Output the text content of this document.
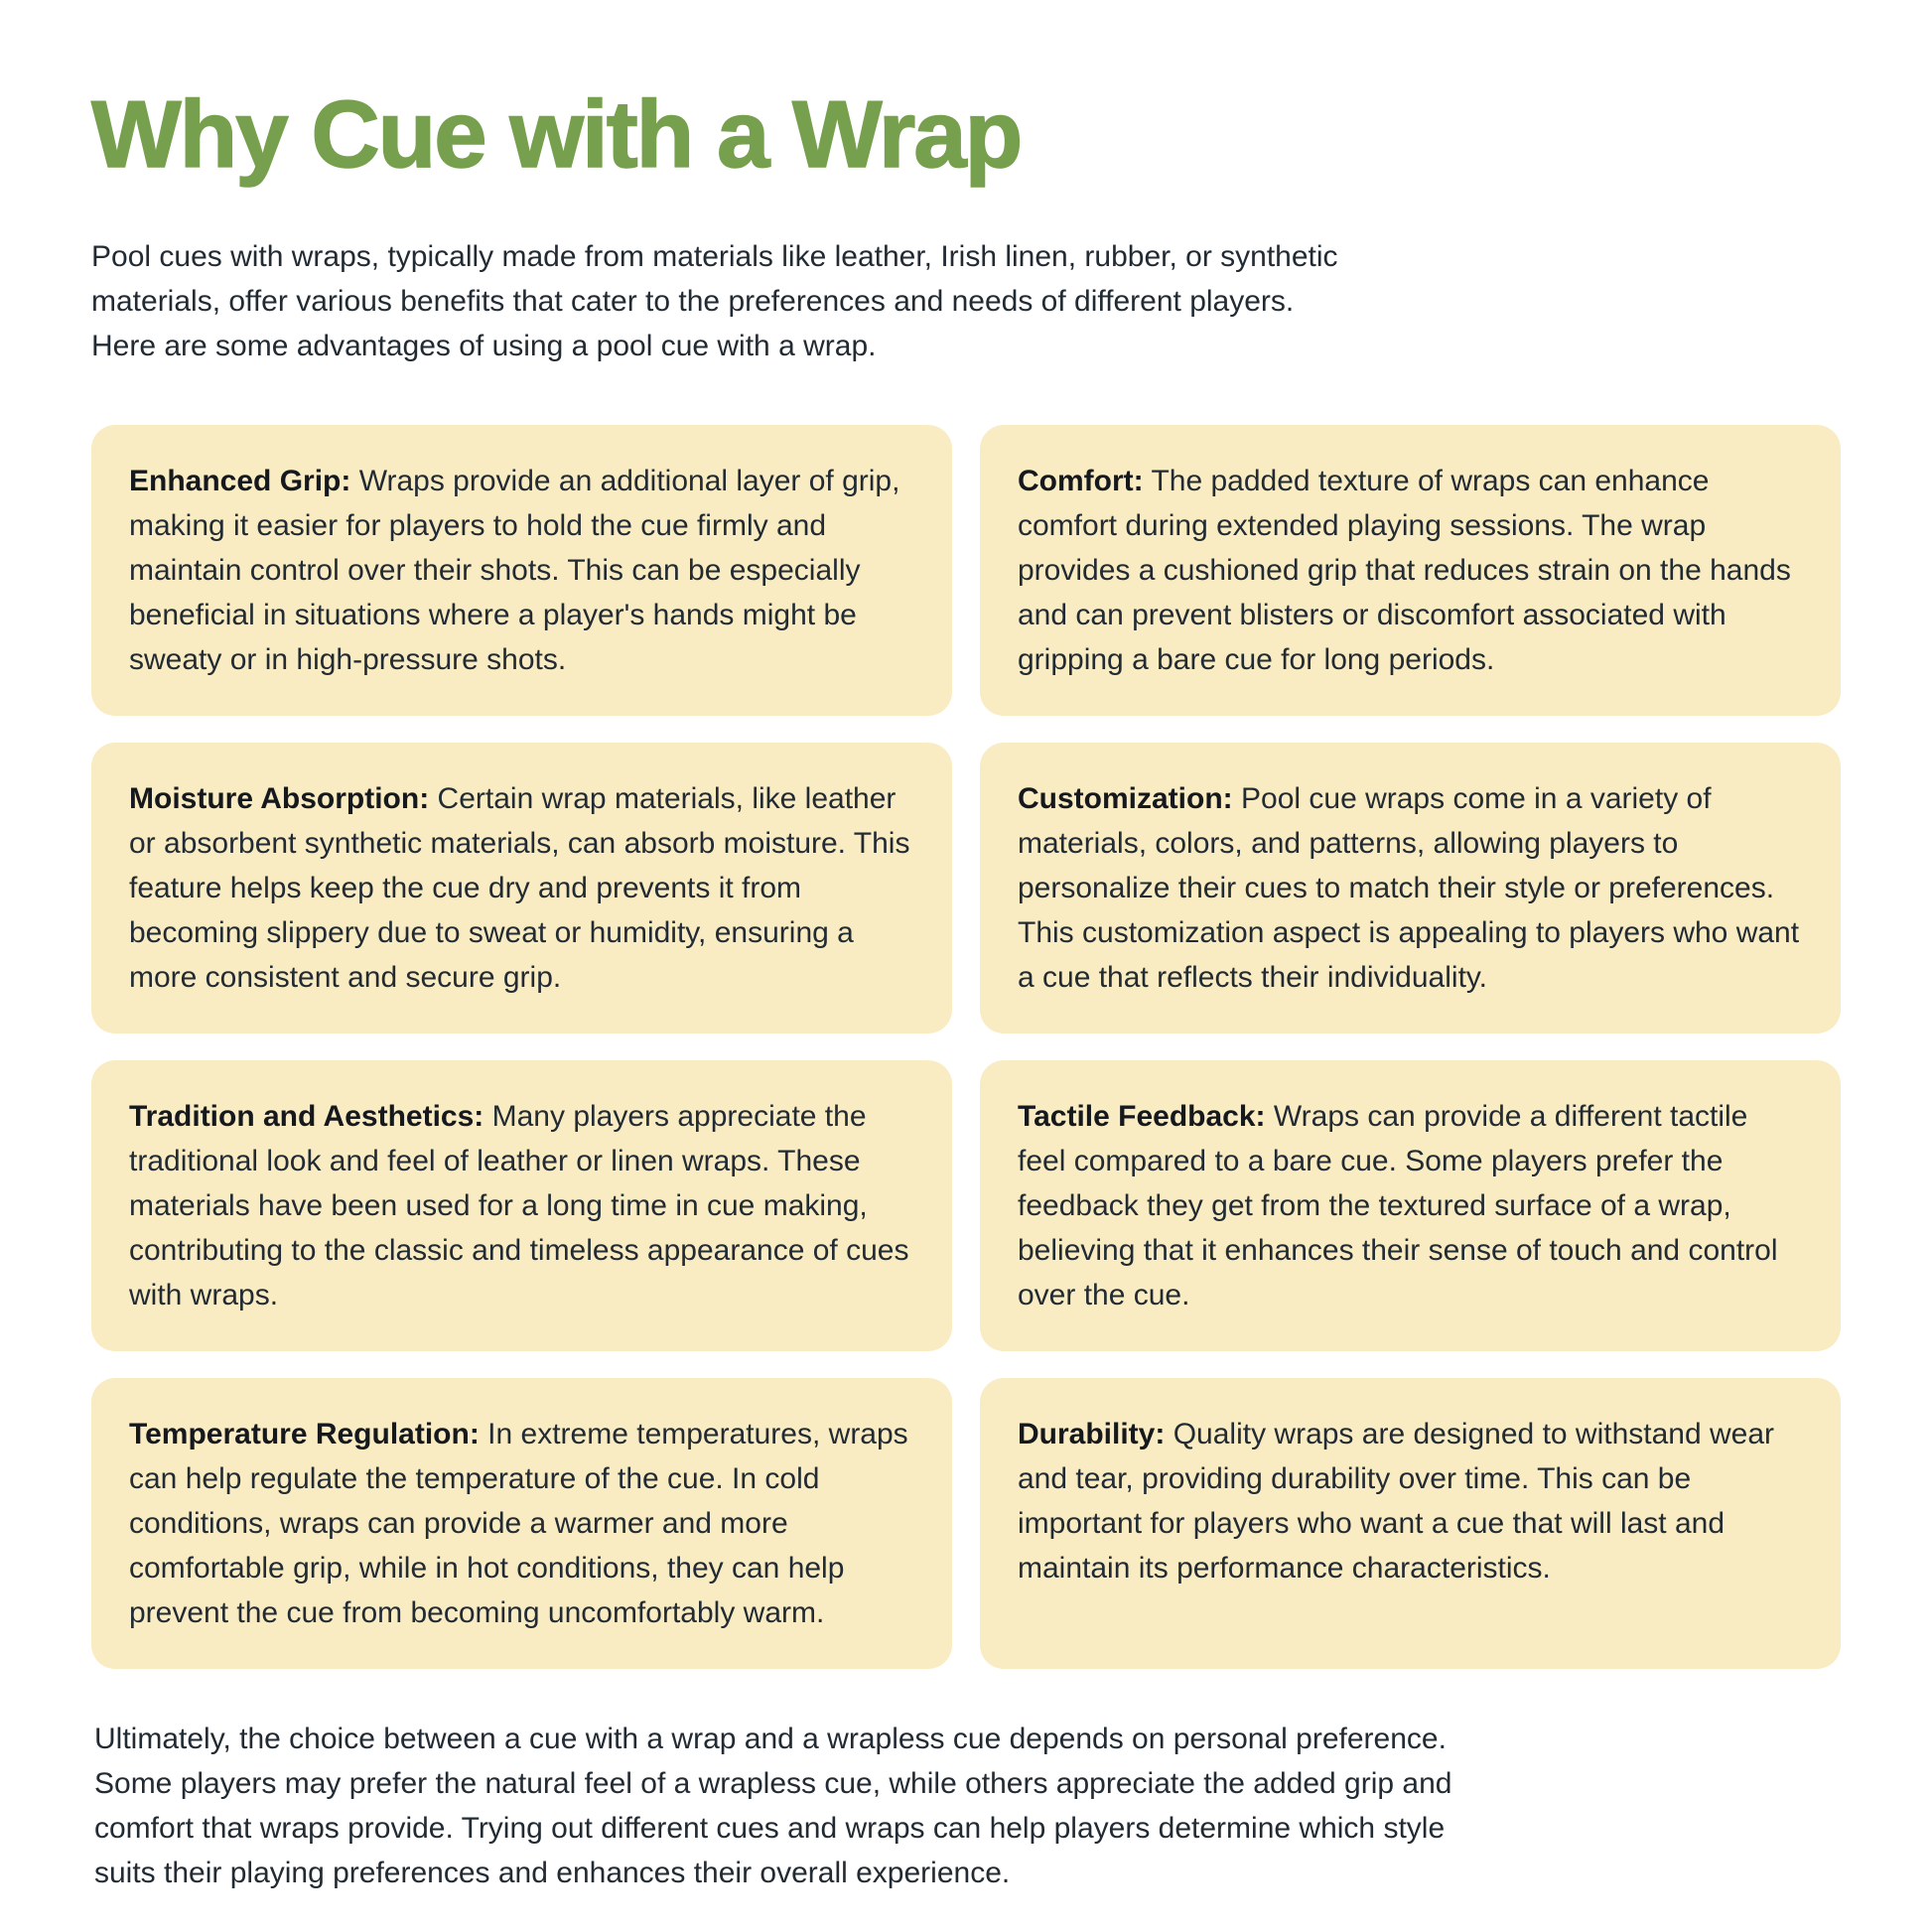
Why Cue with a Wrap
Pool cues with wraps, typically made from materials like leather, Irish linen, rubber, or synthetic
materials, offer various benefits that cater to the preferences and needs of different players.
Here are some advantages of using a pool cue with a wrap.

Enhanced Grip: Wraps provide an additional layer of grip, making it easier for players to hold the cue firmly and maintain control over their shots. This can be especially beneficial in situations where a player's hands might be sweaty or in high-pressure shots.

Comfort: The padded texture of wraps can enhance comfort during extended playing sessions. The wrap provides a cushioned grip that reduces strain on the hands and can prevent blisters or discomfort associated with gripping a bare cue for long periods.

Moisture Absorption: Certain wrap materials, like leather or absorbent synthetic materials, can absorb moisture. This feature helps keep the cue dry and prevents it from becoming slippery due to sweat or humidity, ensuring a more consistent and secure grip.

Customization: Pool cue wraps come in a variety of materials, colors, and patterns, allowing players to personalize their cues to match their style or preferences. This customization aspect is appealing to players who want a cue that reflects their individuality.

Tradition and Aesthetics: Many players appreciate the traditional look and feel of leather or linen wraps. These materials have been used for a long time in cue making, contributing to the classic and timeless appearance of cues with wraps.

Tactile Feedback: Wraps can provide a different tactile feel compared to a bare cue. Some players prefer the feedback they get from the textured surface of a wrap, believing that it enhances their sense of touch and control over the cue.

Temperature Regulation: In extreme temperatures, wraps can help regulate the temperature of the cue. In cold conditions, wraps can provide a warmer and more comfortable grip, while in hot conditions, they can help prevent the cue from becoming uncomfortably warm.

Durability: Quality wraps are designed to withstand wear and tear, providing durability over time. This can be important for players who want a cue that will last and maintain its performance characteristics.

Ultimately, the choice between a cue with a wrap and a wrapless cue depends on personal preference.
Some players may prefer the natural feel of a wrapless cue, while others appreciate the added grip and
comfort that wraps provide. Trying out different cues and wraps can help players determine which style
suits their playing preferences and enhances their overall experience.
